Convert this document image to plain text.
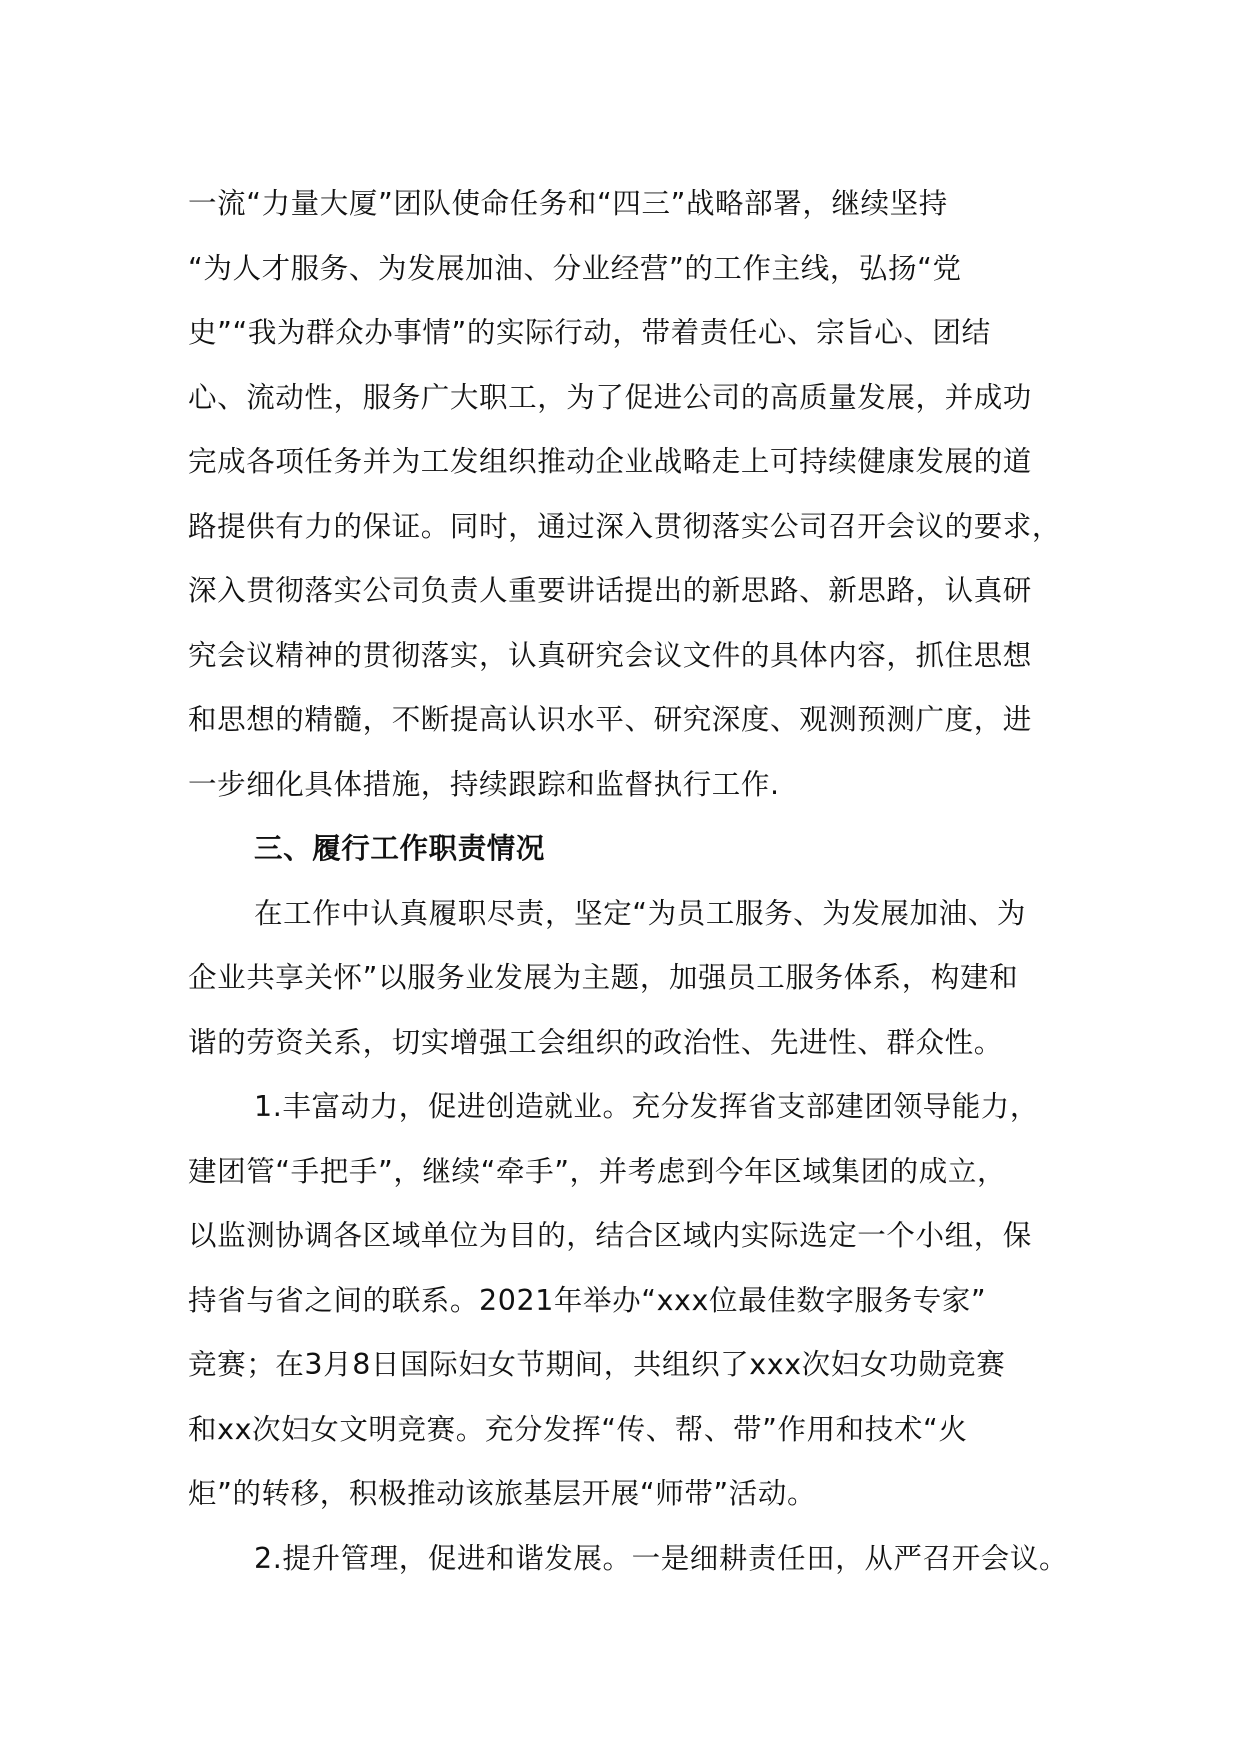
一流“力量大厦”团队使命任务和“四三”战略部署，继续坚持
“为人才服务、为发展加油、分业经营”的工作主线，弘扬“党
史”“我为群众办事情”的实际行动，带着责任心、宗旨心、团结
心、流动性，服务广大职工，为了促进公司的高质量发展，并成功
完成各项任务并为工发组织推动企业战略走上可持续健康发展的道
路提供有力的保证。同时，通过深入贯彻落实公司召开会议的要求，
深入贯彻落实公司负责人重要讲话提出的新思路、新思路，认真研
究会议精神的贯彻落实，认真研究会议文件的具体内容，抓住思想
和思想的精髓，不断提高认识水平、研究深度、观测预测广度，进
一步细化具体措施，持续跟踪和监督执行工作.
三、履行工作职责情况
在工作中认真履职尽责，坚定“为员工服务、为发展加油、为
企业共享关怀”以服务业发展为主题，加强员工服务体系，构建和
谐的劳资关系，切实增强工会组织的政治性、先进性、群众性。
1.丰富动力，促进创造就业。充分发挥省支部建团领导能力，
建团管“手把手”，继续“牵手”，并考虑到今年区域集团的成立，
以监测协调各区域单位为目的，结合区域内实际选定一个小组，保
持省与省之间的联系。2021年举办“xxx位最佳数字服务专家”
竞赛；在3月8日国际妇女节期间，共组织了xxx次妇女功勋竞赛
和xx次妇女文明竞赛。充分发挥“传、帮、带”作用和技术“火
炬”的转移，积极推动该旅基层开展“师带”活动。
2.提升管理，促进和谐发展。一是细耕责任田，从严召开会议。
